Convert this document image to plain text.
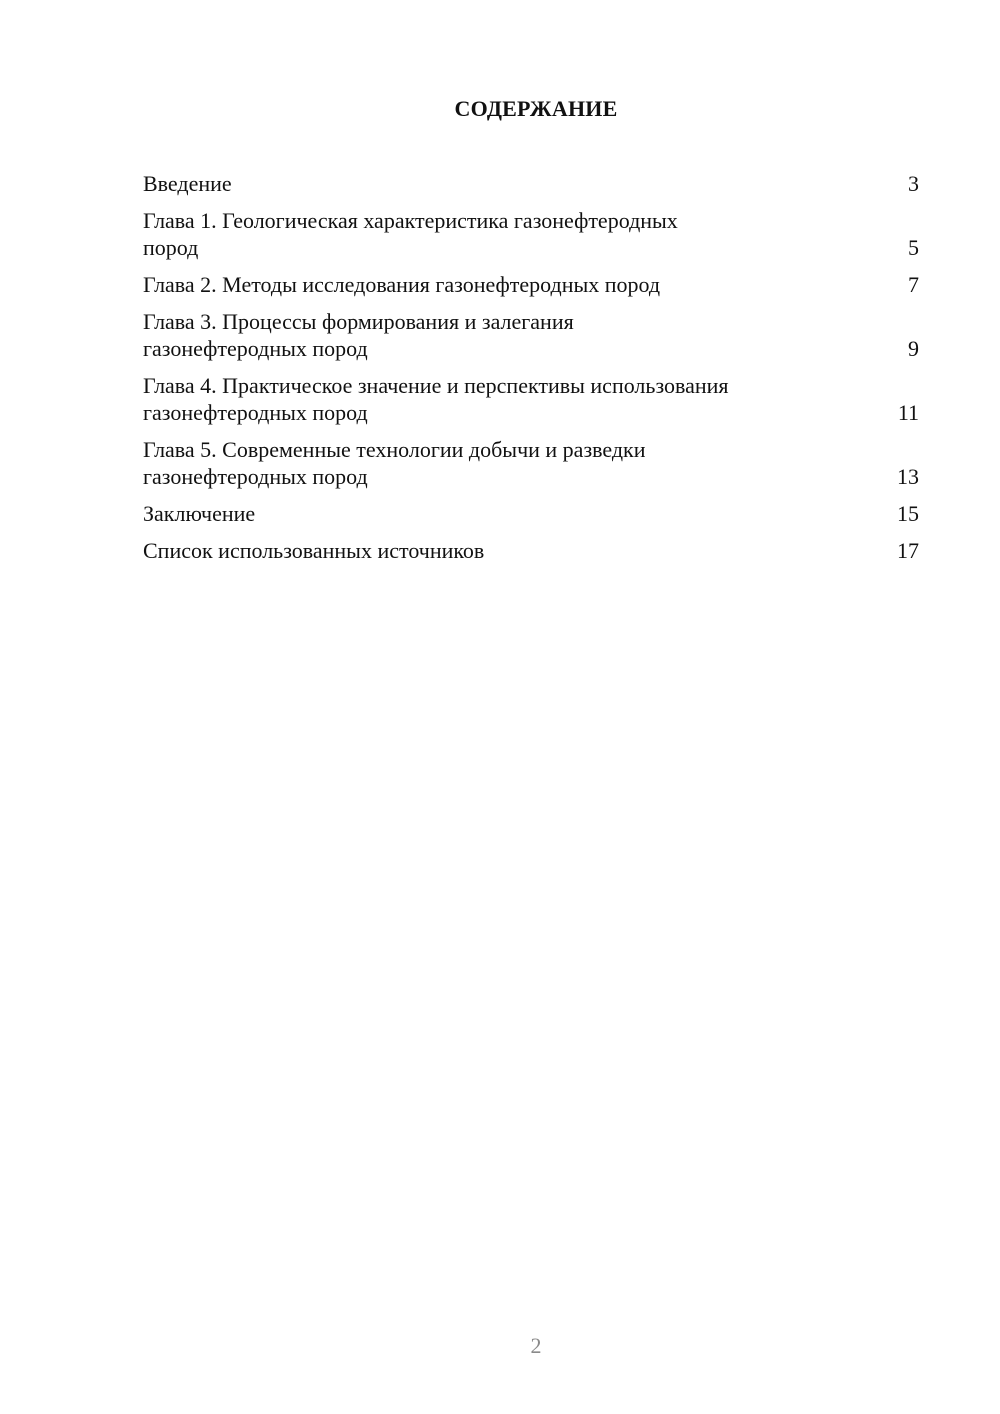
СОДЕРЖАНИЕ
Введение	3
Глава 1. Геологическая характеристика газонефтеродных
пород	5
Глава 2. Методы исследования газонефтеродных пород	7
Глава 3. Процессы формирования и залегания
газонефтеродных пород	9
Глава 4. Практическое значение и перспективы использования
газонефтеродных пород	11
Глава 5. Современные технологии добычи и разведки
газонефтеродных пород	13
Заключение	15
Список использованных источников	17
2
